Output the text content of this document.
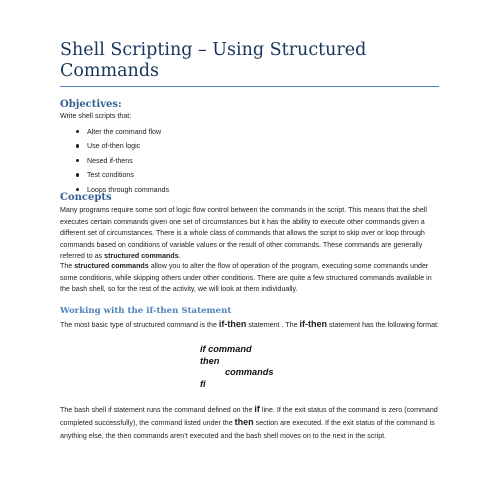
Shell Scripting – Using Structured Commands
Objectives:

Write shell scripts that:

Alter the command flow
Use of-then logic
Nesed if-thens
Test conditions
Loops through commands
Concepts

Many programs require some sort of logic flow control between the commands in the script. This means that the shell executes certain commands given one set of circumstances but it has the ability to execute other commands given a different set of circumstances. There is a whole class of commands that allows the script to skip over or loop through commands based on conditions of variable values or the result of other commands. These commands are generally referred to as structured commands.

The structured commands allow you to alter the flow of operation of the program, executing some commands under some conditions, while skipping others under other conditions. There are quite a few structured commands available in the bash shell, so for the rest of the activity, we will look at them individually.

Working with the if-then Statement

The most basic type of structured command is the if-then statement . The if-then statement has the following format:

if command
then
commands
fi

The bash shell if statement runs the command defined on the if line. If the exit status of the command is zero (command completed successfully), the command listed under the then section are executed. If the exit status of the command is anything else, the then commands aren’t executed and the bash shell moves on to the next in the script.
